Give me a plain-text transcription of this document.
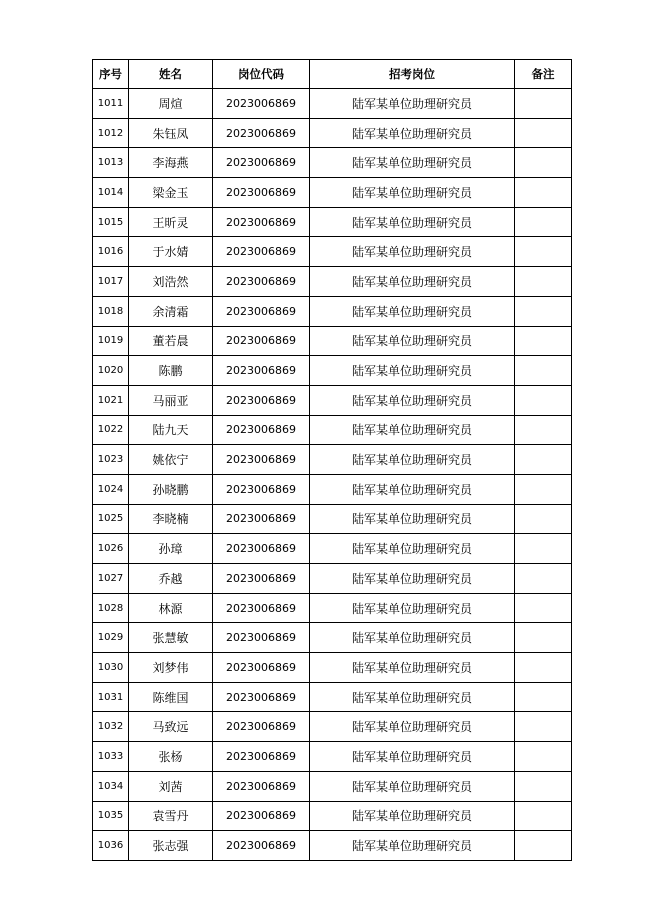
序号	姓名	岗位代码	招考岗位	备注
1011	周煊	2023006869	陆军某单位助理研究员	
1012	朱钰凤	2023006869	陆军某单位助理研究员	
1013	李海燕	2023006869	陆军某单位助理研究员	
1014	梁金玉	2023006869	陆军某单位助理研究员	
1015	王昕灵	2023006869	陆军某单位助理研究员	
1016	于水婧	2023006869	陆军某单位助理研究员	
1017	刘浩然	2023006869	陆军某单位助理研究员	
1018	余清霜	2023006869	陆军某单位助理研究员	
1019	董若晨	2023006869	陆军某单位助理研究员	
1020	陈鹏	2023006869	陆军某单位助理研究员	
1021	马丽亚	2023006869	陆军某单位助理研究员	
1022	陆九天	2023006869	陆军某单位助理研究员	
1023	姚依宁	2023006869	陆军某单位助理研究员	
1024	孙晓鹏	2023006869	陆军某单位助理研究员	
1025	李晓楠	2023006869	陆军某单位助理研究员	
1026	孙璋	2023006869	陆军某单位助理研究员	
1027	乔越	2023006869	陆军某单位助理研究员	
1028	林源	2023006869	陆军某单位助理研究员	
1029	张慧敏	2023006869	陆军某单位助理研究员	
1030	刘梦伟	2023006869	陆军某单位助理研究员	
1031	陈维国	2023006869	陆军某单位助理研究员	
1032	马致远	2023006869	陆军某单位助理研究员	
1033	张杨	2023006869	陆军某单位助理研究员	
1034	刘茜	2023006869	陆军某单位助理研究员	
1035	袁雪丹	2023006869	陆军某单位助理研究员	
1036	张志强	2023006869	陆军某单位助理研究员	
